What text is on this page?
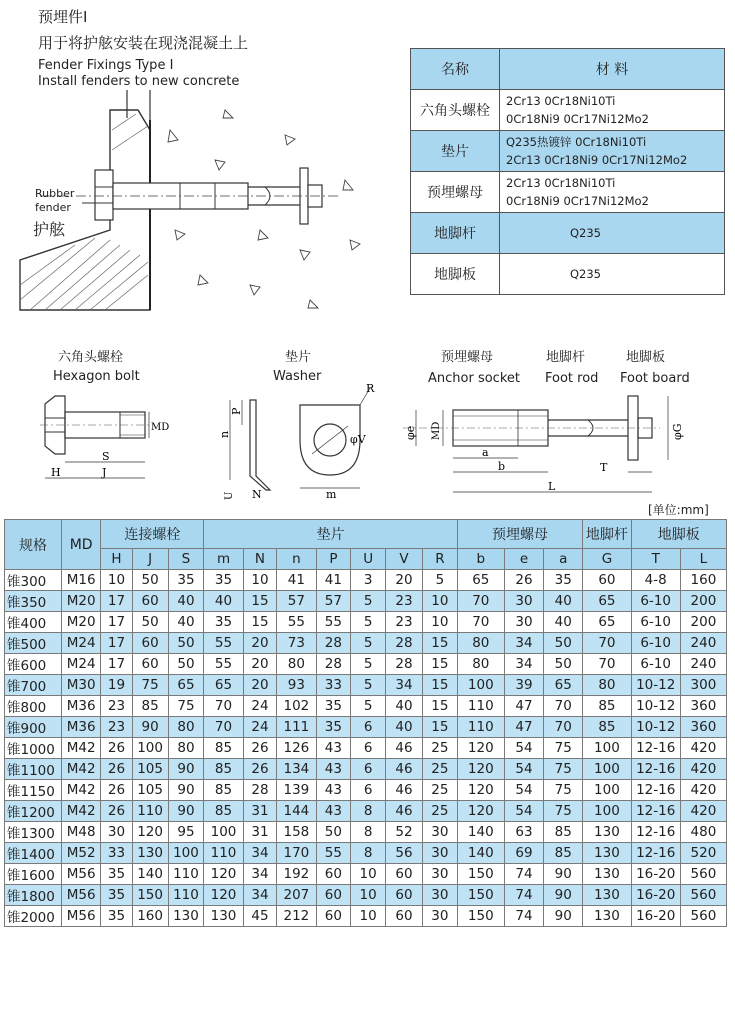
预埋件I
用于将护舷安装在现浇混凝土上
Fender Fixings Type I
Install fenders to new concrete
Rubber
fender
护舷
名称	材 料
六角头螺栓	2Cr13 0Cr18Ni10Ti
0Cr18Ni9 0Cr17Ni12Mo2

垫片	Q235热镀锌 0Cr18Ni10Ti
2Cr13 0Cr18Ni9 0Cr17Ni12Mo2

预埋螺母	2Cr13 0Cr18Ni10Ti
0Cr18Ni9 0Cr17Ni12Mo2

地脚杆	Q235

地脚板	Q235
六角头螺栓
Hexagon bolt
垫片
Washer
预埋螺母
Anchor socket
地脚杆
Foot rod
地脚板
Foot board
MD
S
H	J
n
P
U N	m
R
φV	φe MD
a
b
L
T
φG
[单位:mm]
规格	MD	连接螺栓			垫片							预埋螺母			地脚杆	地脚板	
		H	J	S	m	N	n	P	U	V	R	b	e	a	G	T	L
锥300	M16	10	50	35	35	10	41	41	3	20	5	65	26	35	60	4-8	160
锥350	M20	17	60	40	40	15	57	57	5	23	10	70	30	40	65	6-10	200
锥400	M20	17	50	40	35	15	55	55	5	23	10	70	30	40	65	6-10	200
锥500	M24	17	60	50	55	20	73	28	5	28	15	80	34	50	70	6-10	240
锥600	M24	17	60	50	55	20	80	28	5	28	15	80	34	50	70	6-10	240
锥700	M30	19	75	65	65	20	93	33	5	34	15	100	39	65	80	10-12	300
锥800	M36	23	85	75	70	24	102	35	5	40	15	110	47	70	85	10-12	360
锥900	M36	23	90	80	70	24	111	35	6	40	15	110	47	70	85	10-12	360
锥1000	M42	26	100	80	85	26	126	43	6	46	25	120	54	75	100	12-16	420
锥1100	M42	26	105	90	85	26	134	43	6	46	25	120	54	75	100	12-16	420
锥1150	M42	26	105	90	85	28	139	43	6	46	25	120	54	75	100	12-16	420
锥1200	M42	26	110	90	85	31	144	43	8	46	25	120	54	75	100	12-16	420
锥1300	M48	30	120	95	100	31	158	50	8	52	30	140	63	85	130	12-16	480
锥1400	M52	33	130	100	110	34	170	55	8	56	30	140	69	85	130	12-16	520
锥1600	M56	35	140	110	120	34	192	60	10	60	30	150	74	90	130	16-20	560
锥1800	M56	35	150	110	120	34	207	60	10	60	30	150	74	90	130	16-20	560
锥2000	M56	35	160	130	130	45	212	60	10	60	30	150	74	90	130	16-20	560
